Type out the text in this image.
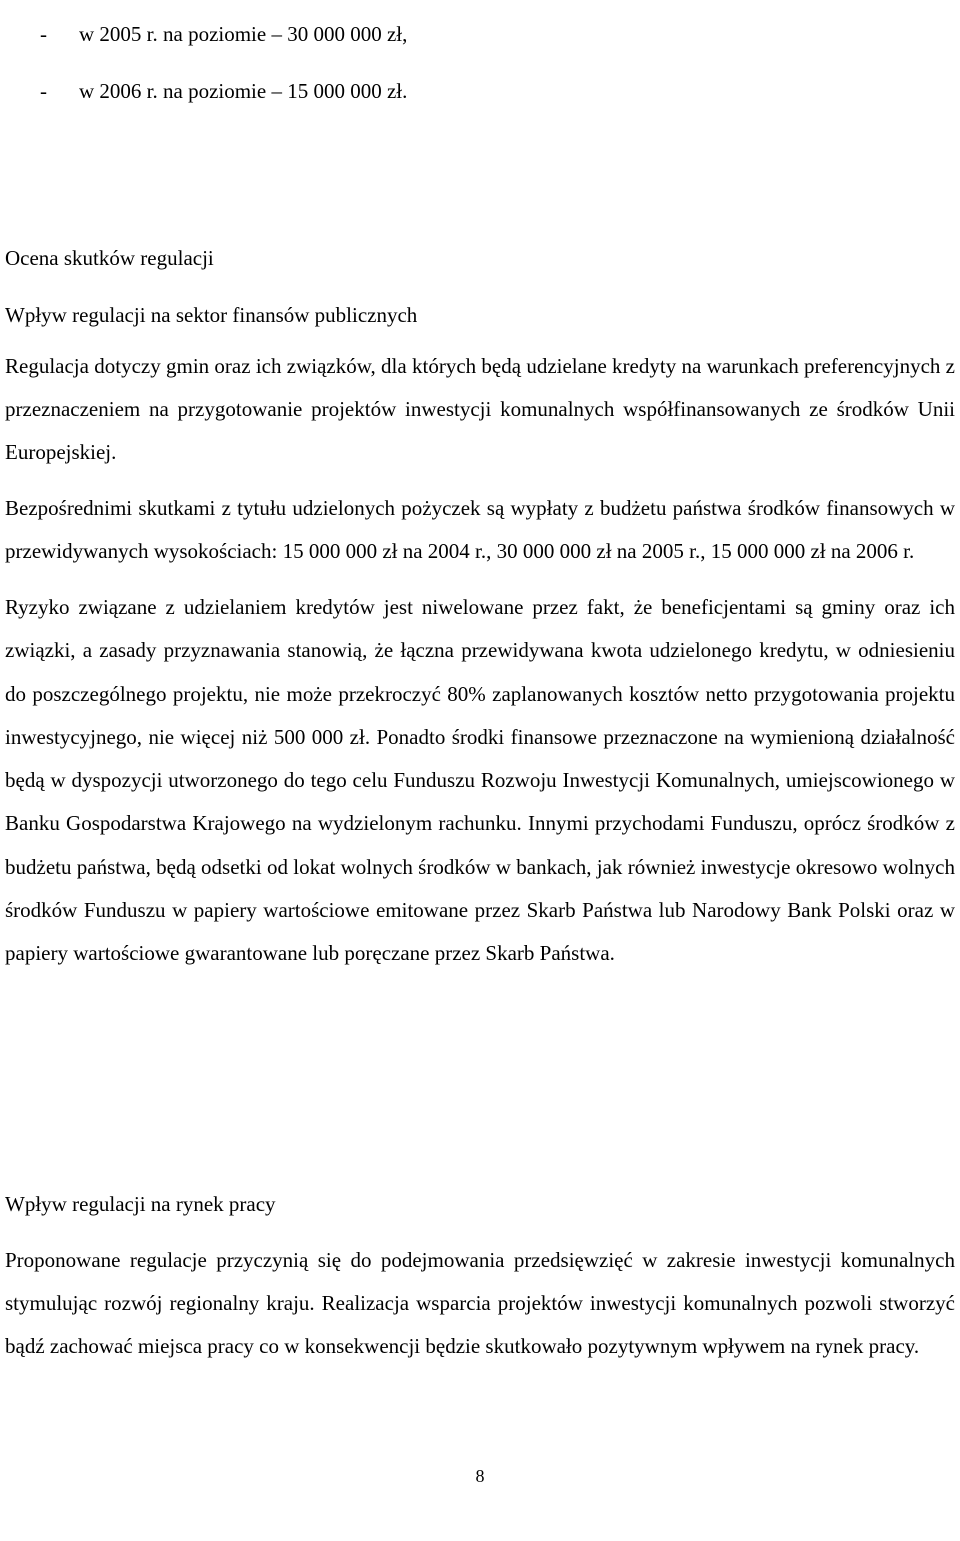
- w 2005 r. na poziomie – 30 000 000 zł,
- w 2006 r. na poziomie – 15 000 000 zł.

Ocena skutków regulacji

Wpływ regulacji na sektor finansów publicznych

Regulacja dotyczy gmin oraz ich związków, dla których będą udzielane kredyty na warunkach preferencyjnych z przeznaczeniem na przygotowanie projektów inwestycji komunalnych współfinansowanych ze środków Unii Europejskiej.

Bezpośrednimi skutkami z tytułu udzielonych pożyczek są wypłaty z budżetu państwa środków finansowych w przewidywanych wysokościach: 15 000 000 zł na 2004 r., 30 000 000 zł na 2005 r., 15 000 000 zł na 2006 r.

Ryzyko związane z udzielaniem kredytów jest niwelowane przez fakt, że beneficjentami są gminy oraz ich związki, a zasady przyznawania stanowią, że łączna przewidywana kwota udzielonego kredytu, w odniesieniu do poszczególnego projektu, nie może przekroczyć 80% zaplanowanych kosztów netto przygotowania projektu inwestycyjnego, nie więcej niż 500 000 zł. Ponadto środki finansowe przeznaczone na wymienioną działalność będą w dyspozycji utworzonego do tego celu Funduszu Rozwoju Inwestycji Komunalnych, umiejscowionego w Banku Gospodarstwa Krajowego na wydzielonym rachunku. Innymi przychodami Funduszu, oprócz środków z budżetu państwa, będą odsetki od lokat wolnych środków w bankach, jak również inwestycje okresowo wolnych środków Funduszu w papiery wartościowe emitowane przez Skarb Państwa lub Narodowy Bank Polski oraz w papiery wartościowe gwarantowane lub poręczane przez Skarb Państwa.

Wpływ regulacji na rynek pracy

Proponowane regulacje przyczynią się do podejmowania przedsięwzięć w zakresie inwestycji komunalnych stymulując rozwój regionalny kraju. Realizacja wsparcia projektów inwestycji komunalnych pozwoli stworzyć bądź zachować miejsca pracy co w konsekwencji będzie skutkowało pozytywnym wpływem na rynek pracy.

8
